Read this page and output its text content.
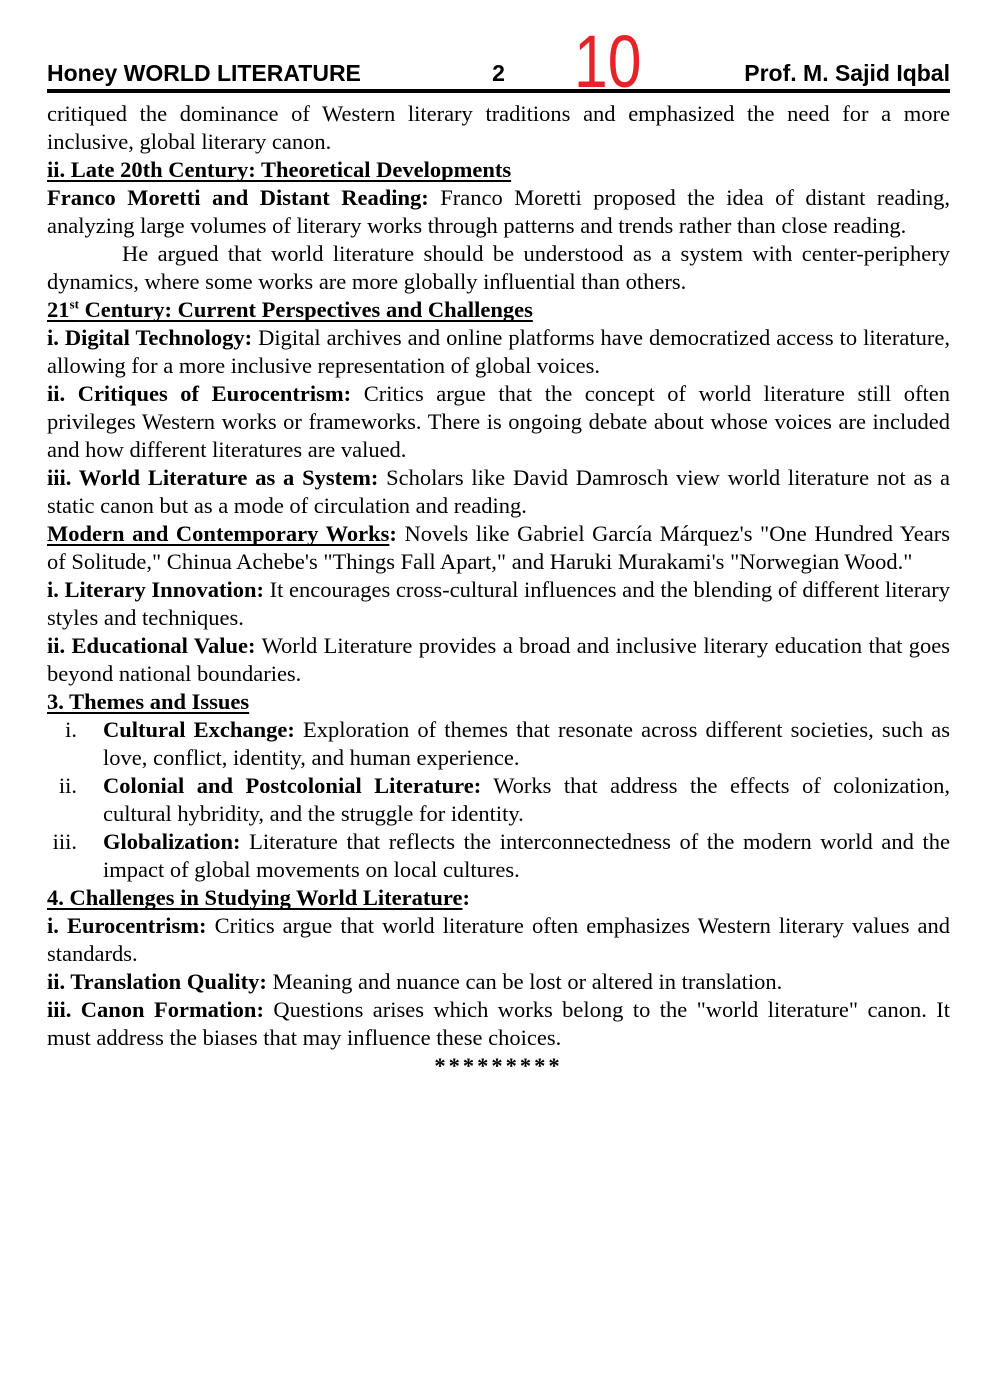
10
Honey WORLD LITERATURE	2	Prof. M. Sajid Iqbal

critiqued the dominance of Western literary traditions and emphasized the need for a more inclusive, global literary canon.

ii. Late 20th Century: Theoretical Developments

Franco Moretti and Distant Reading: Franco Moretti proposed the idea of distant reading, analyzing large volumes of literary works through patterns and trends rather than close reading.

He argued that world literature should be understood as a system with center-periphery dynamics, where some works are more globally influential than others.

21st Century: Current Perspectives and Challenges

i. Digital Technology: Digital archives and online platforms have democratized access to literature, allowing for a more inclusive representation of global voices.

ii. Critiques of Eurocentrism: Critics argue that the concept of world literature still often privileges Western works or frameworks. There is ongoing debate about whose voices are included and how different literatures are valued.

iii. World Literature as a System: Scholars like David Damrosch view world literature not as a static canon but as a mode of circulation and reading.

Modern and Contemporary Works: Novels like Gabriel García Márquez's "One Hundred Years of Solitude," Chinua Achebe's "Things Fall Apart," and Haruki Murakami's "Norwegian Wood."

i. Literary Innovation: It encourages cross-cultural influences and the blending of different literary styles and techniques.

ii. Educational Value: World Literature provides a broad and inclusive literary education that goes beyond national boundaries.

3. Themes and Issues

i.	Cultural Exchange: Exploration of themes that resonate across different societies, such as love, conflict, identity, and human experience.
ii.	Colonial and Postcolonial Literature: Works that address the effects of colonization, cultural hybridity, and the struggle for identity.
iii.	Globalization: Literature that reflects the interconnectedness of the modern world and the impact of global movements on local cultures.

4. Challenges in Studying World Literature:

i. Eurocentrism: Critics argue that world literature often emphasizes Western literary values and standards.

ii. Translation Quality: Meaning and nuance can be lost or altered in translation.

iii. Canon Formation: Questions arises which works belong to the "world literature" canon. It must address the biases that may influence these choices.

*********
